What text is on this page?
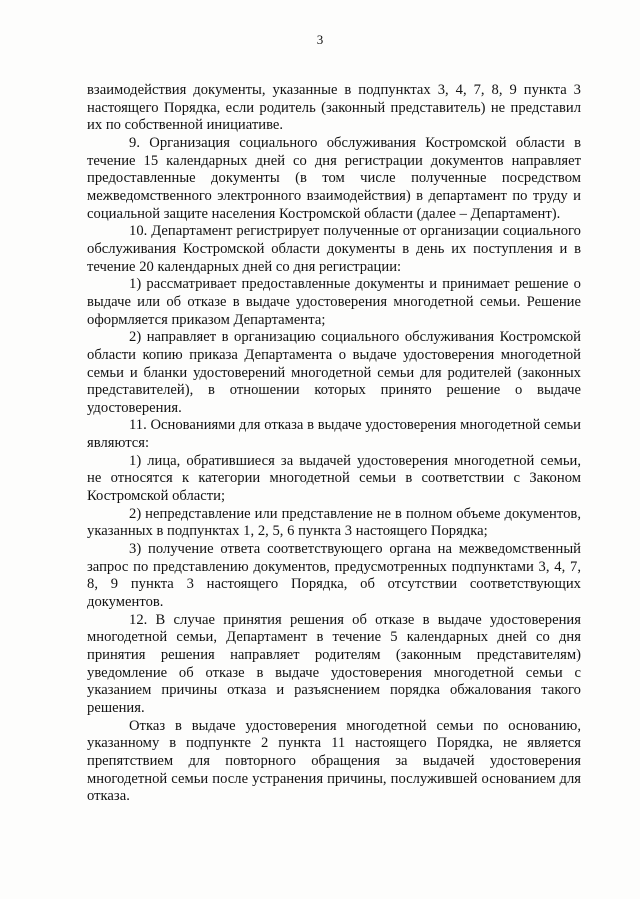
3

взаимодействия документы, указанные в подпунктах 3, 4, 7, 8, 9 пункта 3 настоящего Порядка, если родитель (законный представитель) не представил их по собственной инициативе.

9. Организация социального обслуживания Костромской области в течение 15 календарных дней со дня регистрации документов направляет предоставленные документы (в том числе полученные посредством межведомственного электронного взаимодействия) в департамент по труду и социальной защите населения Костромской области (далее – Департамент).

10. Департамент регистрирует полученные от организации социального обслуживания Костромской области документы в день их поступления и в течение 20 календарных дней со дня регистрации:

1) рассматривает предоставленные документы и принимает решение о выдаче или об отказе в выдаче удостоверения многодетной семьи. Решение оформляется приказом Департамента;

2) направляет в организацию социального обслуживания Костромской области копию приказа Департамента о выдаче удостоверения многодетной семьи и бланки удостоверений многодетной семьи для родителей (законных представителей), в отношении которых принято решение о выдаче удостоверения.

11. Основаниями для отказа в выдаче удостоверения многодетной семьи являются:

1) лица, обратившиеся за выдачей удостоверения многодетной семьи, не относятся к категории многодетной семьи в соответствии с Законом Костромской области;

2) непредставление или представление не в полном объеме документов, указанных в подпунктах 1, 2, 5, 6 пункта 3 настоящего Порядка;

3) получение ответа соответствующего органа на межведомственный запрос по представлению документов, предусмотренных подпунктами 3, 4, 7, 8, 9 пункта 3 настоящего Порядка, об отсутствии соответствующих документов.

12. В случае принятия решения об отказе в выдаче удостоверения многодетной семьи, Департамент в течение 5 календарных дней со дня принятия решения направляет родителям (законным представителям) уведомление об отказе в выдаче удостоверения многодетной семьи с указанием причины отказа и разъяснением порядка обжалования такого решения.

Отказ в выдаче удостоверения многодетной семьи по основанию, указанному в подпункте 2 пункта 11 настоящего Порядка, не является препятствием для повторного обращения за выдачей удостоверения многодетной семьи после устранения причины, послужившей основанием для отказа.
